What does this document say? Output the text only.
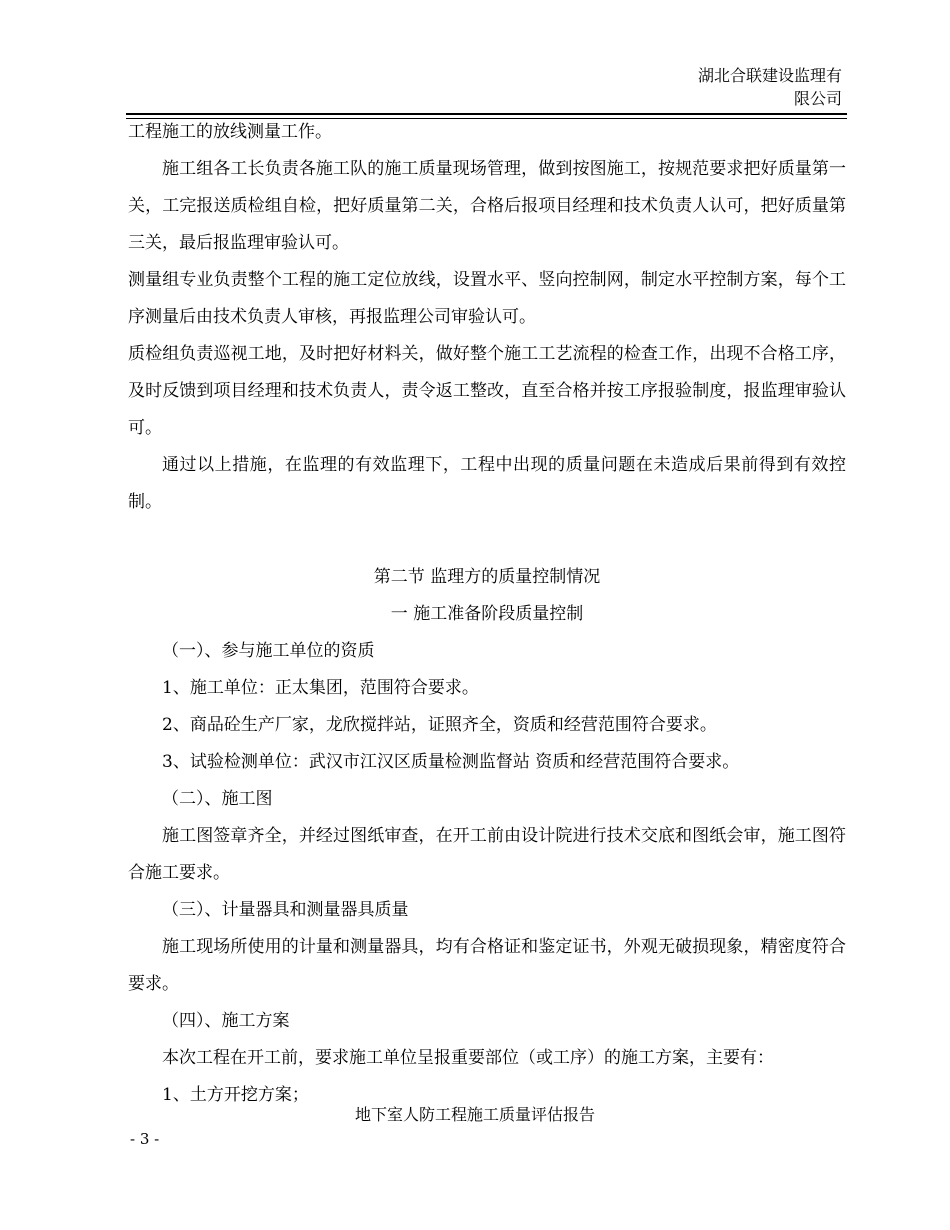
湖北合联建设监理有
限公司

工程施工的放线测量工作。

施工组各工长负责各施工队的施工质量现场管理，做到按图施工，按规范要求把好质量第一关，工完报送质检组自检，把好质量第二关，合格后报项目经理和技术负责人认可，把好质量第三关，最后报监理审验认可。

测量组专业负责整个工程的施工定位放线，设置水平、竖向控制网，制定水平控制方案，每个工序测量后由技术负责人审核，再报监理公司审验认可。

质检组负责巡视工地，及时把好材料关，做好整个施工工艺流程的检查工作，出现不合格工序，及时反馈到项目经理和技术负责人，责令返工整改，直至合格并按工序报验制度，报监理审验认可。

通过以上措施，在监理的有效监理下，工程中出现的质量问题在未造成后果前得到有效控制。

第二节 监理方的质量控制情况

一 施工准备阶段质量控制

（一）、参与施工单位的资质

1、施工单位：正太集团，范围符合要求。

2、商品砼生产厂家，龙欣搅拌站，证照齐全，资质和经营范围符合要求。

3、试验检测单位：武汉市江汉区质量检测监督站 资质和经营范围符合要求。

（二）、施工图

施工图签章齐全，并经过图纸审查，在开工前由设计院进行技术交底和图纸会审，施工图符合施工要求。

（三）、计量器具和测量器具质量

施工现场所使用的计量和测量器具，均有合格证和鉴定证书，外观无破损现象，精密度符合要求。

（四）、施工方案

本次工程在开工前，要求施工单位呈报重要部位（或工序）的施工方案，主要有：

1、土方开挖方案；

地下室人防工程施工质量评估报告
- 3 -
